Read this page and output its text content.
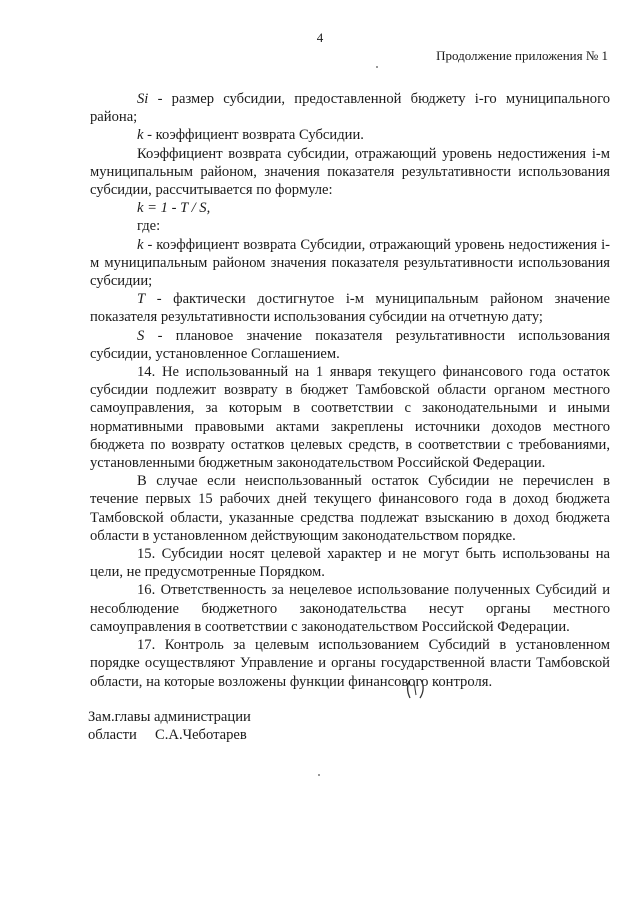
4
Продолжение приложения № 1

Si - размер субсидии, предоставленной бюджету i-го муниципального района;

k - коэффициент возврата Субсидии.

Коэффициент возврата субсидии, отражающий уровень недостижения i-м муниципальным районом, значения показателя результативности использования субсидии, рассчитывается по формуле:

k = 1 - T / S,

где:

k - коэффициент возврата Субсидии, отражающий уровень недостижения i-м муниципальным районом значения показателя результативности использования субсидии;

T - фактически достигнутое i-м муниципальным районом значение показателя результативности использования субсидии на отчетную дату;

S - плановое значение показателя результативности использования субсидии, установленное Соглашением.

14. Не использованный на 1 января текущего финансового года остаток субсидии подлежит возврату в бюджет Тамбовской области органом местного самоуправления, за которым в соответствии с законодательными и иными нормативными правовыми актами закреплены источники доходов местного бюджета по возврату остатков целевых средств, в соответствии с требованиями, установленными бюджетным законодательством Российской Федерации.

В случае если неиспользованный остаток Субсидии не перечислен в течение первых 15 рабочих дней текущего финансового года в доход бюджета Тамбовской области, указанные средства подлежат взысканию в доход бюджета области в установленном действующим законодательством порядке.

15. Субсидии носят целевой характер и не могут быть использованы на цели, не предусмотренные Порядком.

16. Ответственность за нецелевое использование полученных Субсидий и несоблюдение бюджетного законодательства несут органы местного самоуправления в соответствии с законодательством Российской Федерации.

17. Контроль за целевым использованием Субсидий в установленном порядке осуществляют Управление и органы государственной власти Тамбовской области, на которые возложены функции финансового контроля.

Зам.главы администрации
области     С.А.Чеботарев
